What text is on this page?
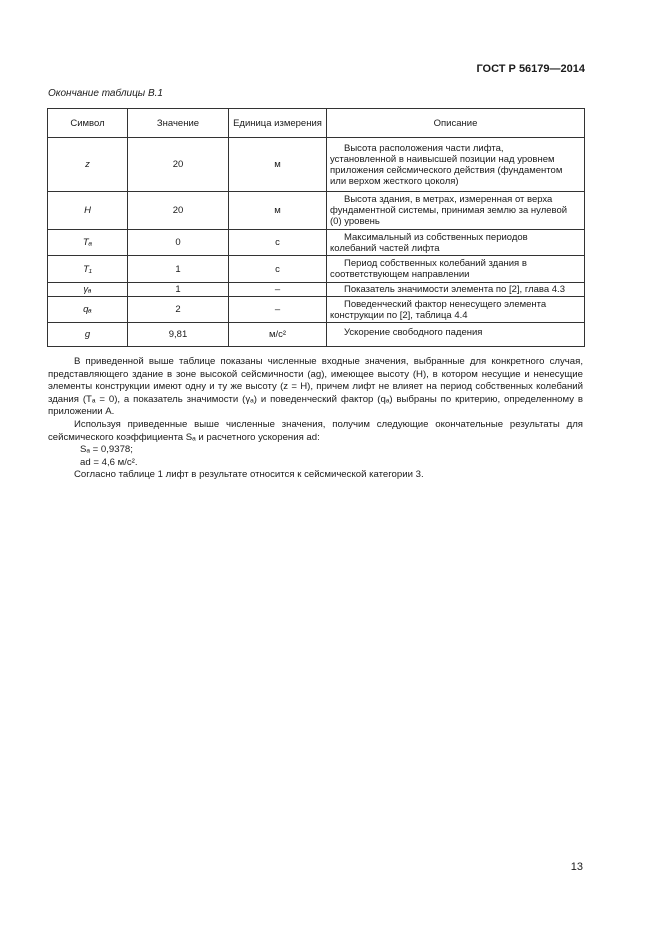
ГОСТ Р 56179—2014
Окончание таблицы В.1
Символ	Значение	Единица измерения	Описание
z	20	м	Высота расположения части лифта,
установленной в наивысшей позиции над уровнем приложения сейсмического действия (фундаментом или верхом жесткого цоколя)
H	20	м	Высота здания, в метрах, измеренная от верха
фундаментной системы, принимая землю за нулевой (0) уровень
Tₐ	0	с	Максимальный из собственных периодов
колебаний частей лифта
T₁	1	с	Период собственных колебаний здания в
соответствующем направлении
γₐ	1	–	Показатель значимости элемента по [2], глава 4.3

qₐ	2	–	Поведенческий фактор ненесущего элемента
конструкции по [2], таблица 4.4
g	9,81	м/с²	Ускорение свободного падения

В приведенной выше таблице показаны численные входные значения, выбранные для конкретного случая, представляющего здание в зоне высокой сейсмичности (ag), имеющее высоту (H), в котором несущие и ненесущие элементы конструкции имеют одну и ту же высоту (z = H), причем лифт не влияет на период собственных колебаний здания (Tₐ = 0), а показатель значимости (γₐ) и поведенческий фактор (qₐ) выбраны по критерию, определенному в приложении А.

Используя приведенные выше численные значения, получим следующие окончательные результаты для сейсмического коэффициента Sₐ и расчетного ускорения ad:

Sₐ = 0,9378;
ad = 4,6 м/с².

Согласно таблице 1 лифт в результате относится к сейсмической категории 3.

13
